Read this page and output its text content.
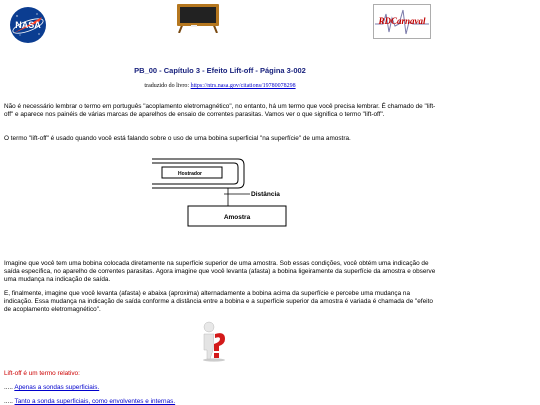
NASA	RDCarnaval
PB_00 - Capítulo 3 - Efeito Lift-off - Página 3-002
traduzido do livro: https://ntrs.nasa.gov/citations/19780078298

Não é necessário lembrar o termo em português "acoplamento eletromagnético", no entanto, há um termo que você precisa lembrar. É chamado de "lift-off" e aparece nos painéis de várias marcas de aparelhos de ensaio de correntes parasitas. Vamos ver o que significa o termo "lift-off".

O termo "lift-off" é usado quando você está falando sobre o uso de uma bobina superficial "na superfície" de uma amostra.

Hostrador
Distância
Amostra

Imagine que você tem uma bobina colocada diretamente na superfície superior de uma amostra. Sob essas condições, você obtém uma indicação de saída específica, no aparelho de correntes parasitas. Agora imagine que você levanta (afasta) a bobina ligeiramente da superfície da amostra e observe uma mudança na indicação de saída.

E, finalmente, imagine que você levanta (afasta) e abaixa (aproxima) alternadamente a bobina acima da superfície e percebe uma mudança na indicação. Essa mudança na indicação de saída conforme a distância entre a bobina e a superfície superior da amostra é variada é chamada de "efeito de acoplamento eletromagnético".

Lift-off é um termo relativo:
..... Apenas a sondas superficiais.
..... Tanto a sonda superficiais, como envolventes e internas.
